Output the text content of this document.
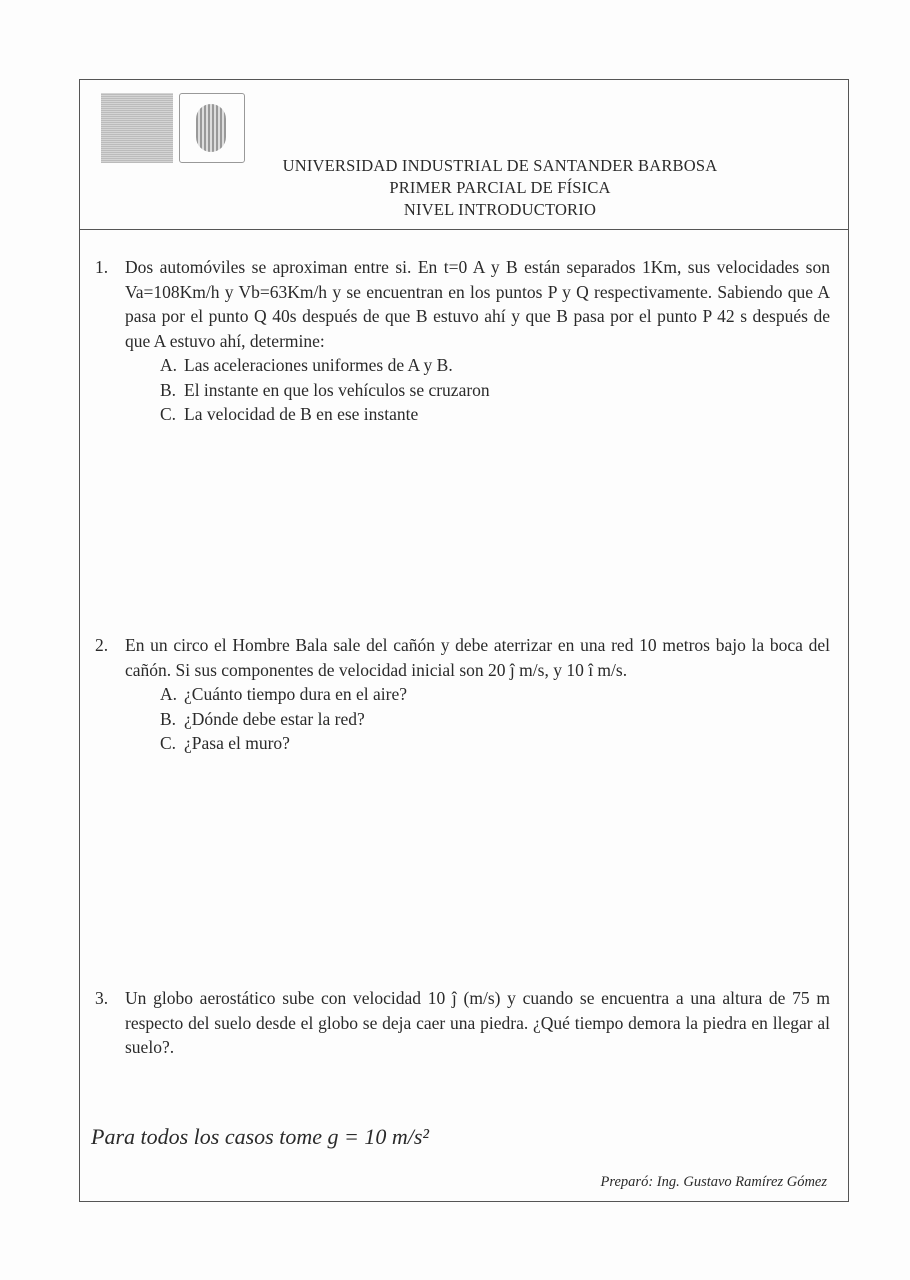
UNIVERSIDAD INDUSTRIAL DE SANTANDER BARBOSA
PRIMER PARCIAL DE FÍSICA
NIVEL INTRODUCTORIO
1. Dos automóviles se aproximan entre si. En t=0 A y B están separados 1Km, sus velocidades son Va=108Km/h y Vb=63Km/h y se encuentran en los puntos P y Q respectivamente. Sabiendo que A pasa por el punto Q 40s después de que B estuvo ahí y que B pasa por el punto P 42 s después de que A estuvo ahí, determine:
A. Las aceleraciones uniformes de A y B.
B. El instante en que los vehículos se cruzaron
C. La velocidad de B en ese instante
2. En un circo el Hombre Bala sale del cañón y debe aterrizar en una red 10 metros bajo la boca del cañón. Si sus componentes de velocidad inicial son 20 ĵ m/s, y 10 î m/s.
A. ¿Cuánto tiempo dura en el aire?
B. ¿Dónde debe estar la red?
C. ¿Pasa el muro?
3. Un globo aerostático sube con velocidad 10 ĵ (m/s) y cuando se encuentra a una altura de 75 m respecto del suelo desde el globo se deja caer una piedra. ¿Qué tiempo demora la piedra en llegar al suelo?.
Para todos los casos tome g = 10 m/s²
Preparó: Ing. Gustavo Ramírez Gómez
